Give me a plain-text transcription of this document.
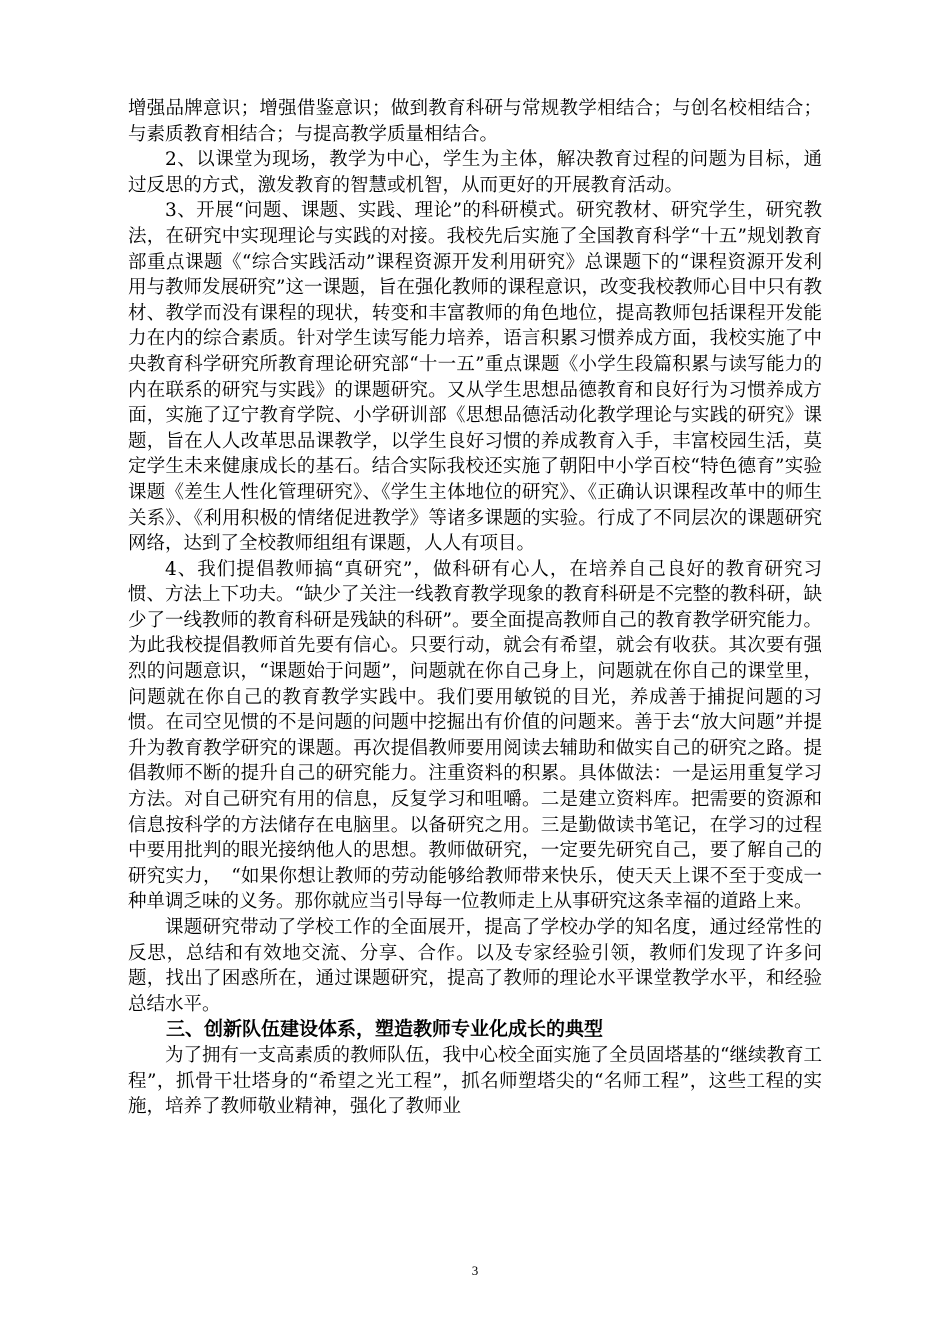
增强品牌意识；增强借鉴意识；做到教育科研与常规教学相结合；与创名校相结合；与素质教育相结合；与提高教学质量相结合。

2、以课堂为现场，教学为中心，学生为主体，解决教育过程的问题为目标，通过反思的方式，激发教育的智慧或机智，从而更好的开展教育活动。

3、开展“问题、课题、实践、理论”的科研模式。研究教材、研究学生，研究教法，在研究中实现理论与实践的对接。我校先后实施了全国教育科学“十五”规划教育部重点课题《“综合实践活动”课程资源开发利用研究》总课题下的“课程资源开发利用与教师发展研究”这一课题，旨在强化教师的课程意识，改变我校教师心目中只有教材、教学而没有课程的现状，转变和丰富教师的角色地位，提高教师包括课程开发能力在内的综合素质。针对学生读写能力培养，语言积累习惯养成方面，我校实施了中央教育科学研究所教育理论研究部“十一五”重点课题《小学生段篇积累与读写能力的内在联系的研究与实践》的课题研究。又从学生思想品德教育和良好行为习惯养成方面，实施了辽宁教育学院、小学研训部《思想品德活动化教学理论与实践的研究》课题，旨在人人改革思品课教学，以学生良好习惯的养成教育入手，丰富校园生活，莫定学生未来健康成长的基石。结合实际我校还实施了朝阳中小学百校“特色德育”实验课题《差生人性化管理研究》、《学生主体地位的研究》、《正确认识课程改革中的师生关系》、《利用积极的情绪促进教学》等诸多课题的实验。行成了不同层次的课题研究网络，达到了全校教师组组有课题，人人有项目。

4、我们提倡教师搞“真研究”，做科研有心人，在培养自己良好的教育研究习惯、方法上下功夫。“缺少了关注一线教育教学现象的教育科研是不完整的教科研，缺少了一线教师的教育科研是残缺的科研”。要全面提高教师自己的教育教学研究能力。为此我校提倡教师首先要有信心。只要行动，就会有希望，就会有收获。其次要有强烈的问题意识，“课题始于问题”，问题就在你自己身上，问题就在你自己的课堂里，问题就在你自己的教育教学实践中。我们要用敏锐的目光，养成善于捕捉问题的习惯。在司空见惯的不是问题的问题中挖掘出有价值的问题来。善于去“放大问题”并提升为教育教学研究的课题。再次提倡教师要用阅读去辅助和做实自己的研究之路。提倡教师不断的提升自己的研究能力。注重资料的积累。具体做法：一是运用重复学习方法。对自己研究有用的信息，反复学习和咀嚼。二是建立资料库。把需要的资源和信息按科学的方法储存在电脑里。以备研究之用。三是勤做读书笔记，在学习的过程中要用批判的眼光接纳他人的思想。教师做研究，一定要先研究自己，要了解自己的研究实力，　“如果你想让教师的劳动能够给教师带来快乐，使天天上课不至于变成一种单调乏味的义务。那你就应当引导每一位教师走上从事研究这条幸福的道路上来。

课题研究带动了学校工作的全面展开，提高了学校办学的知名度，通过经常性的反思，总结和有效地交流、分享、合作。以及专家经验引领，教师们发现了许多问题，找出了困惑所在，通过课题研究，提高了教师的理论水平课堂教学水平，和经验总结水平。

三、创新队伍建设体系，塑造教师专业化成长的典型

为了拥有一支高素质的教师队伍，我中心校全面实施了全员固塔基的“继续教育工程”，抓骨干壮塔身的“希望之光工程”，抓名师塑塔尖的“名师工程”，这些工程的实施，培养了教师敬业精神，强化了教师业

3
